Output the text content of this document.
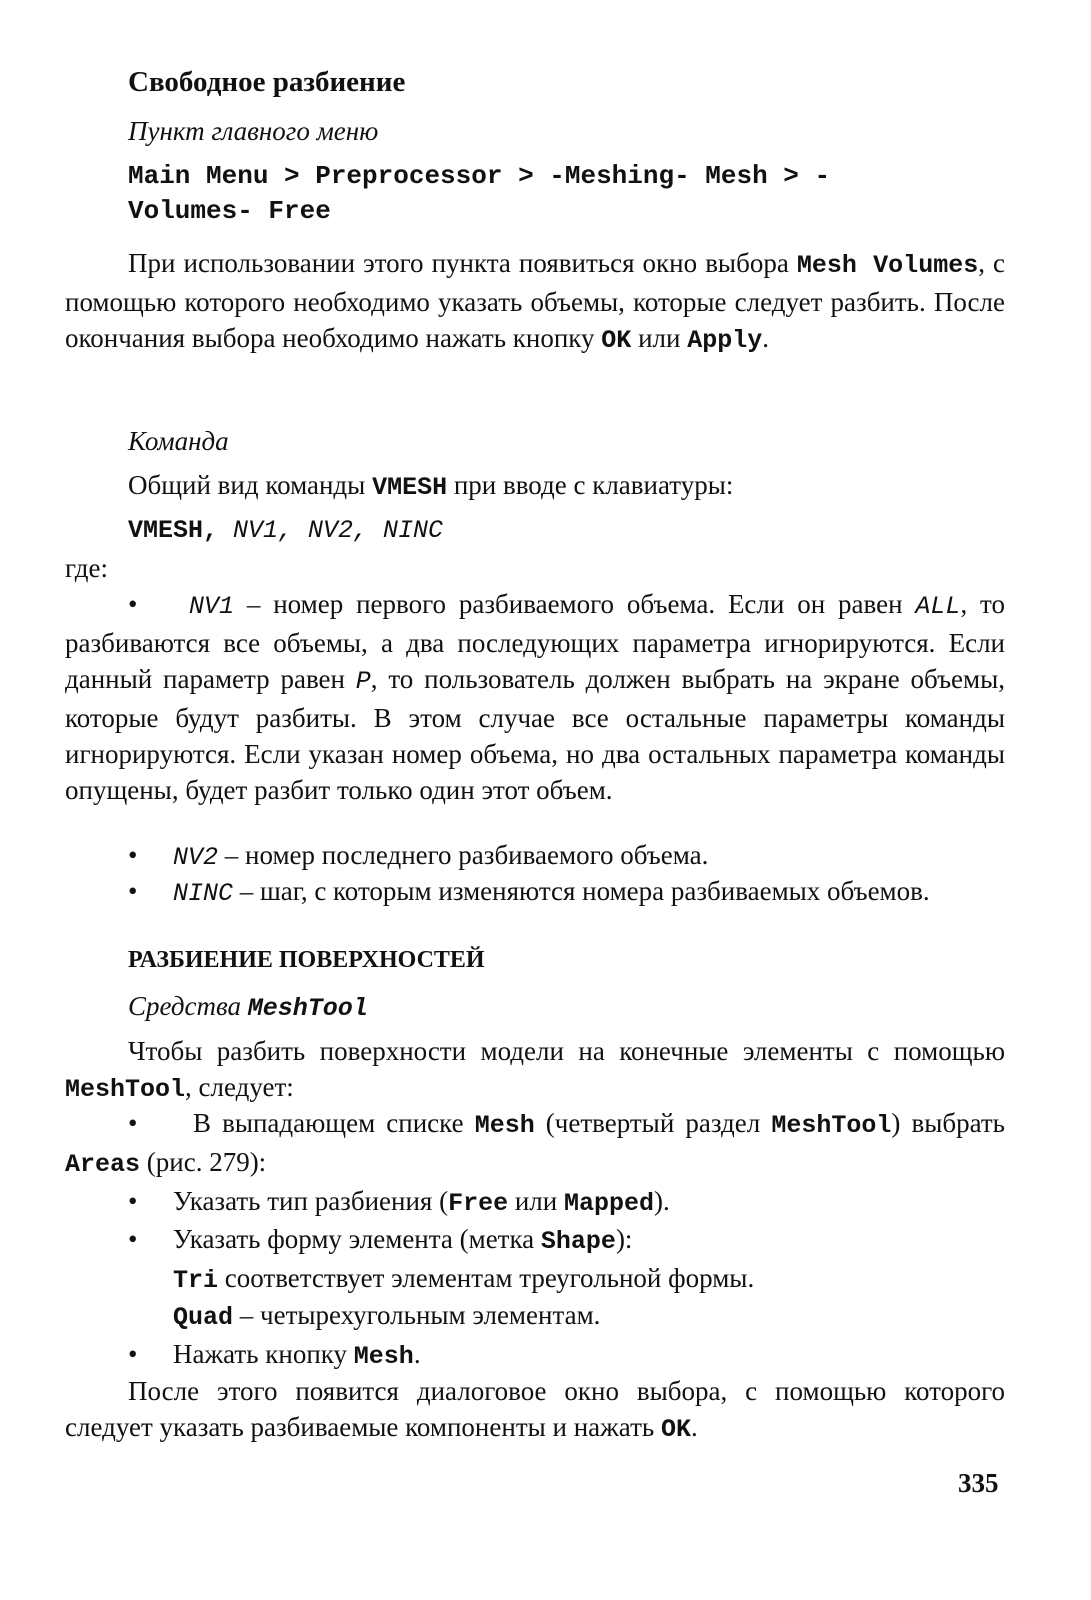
Свободное разбиение
Пункт главного меню
Main Menu > Preprocessor > -Meshing- Mesh > -
Volumes- Free

При использовании этого пункта появиться окно выбора Mesh Volumes, с помощью которого необходимо указать объемы, которые следует разбить. После окончания выбора необходимо нажать кнопку OK или Apply.

Команда
Общий вид команды VMESH при вводе с клавиатуры:
VMESH, NV1, NV2, NINC
где:

• NV1 – номер первого разбиваемого объема. Если он равен ALL, то разбиваются все объемы, а два последующих параметра игнорируются. Если данный параметр равен P, то пользователь должен выбрать на экране объемы, которые будут разбиты. В этом случае все остальные параметры команды игнорируются. Если указан номер объема, но два остальных параметра команды опущены, будет разбит только один этот объем.

•	NV2 – номер последнего разбиваемого объема.
•	NINC – шаг, с которым изменяются номера разбиваемых объемов.
РАЗБИЕНИЕ ПОВЕРХНОСТЕЙ
Средства MeshTool

Чтобы разбить поверхности модели на конечные элементы с помощью MeshTool, следует:

•     В выпадающем списке Mesh (четвертый раздел MeshTool) выбрать Areas (рис. 279):

•	Указать тип разбиения (Free или Mapped).
•	Указать форму элемента (метка Shape):
Tri соответствует элементам треугольной формы.
Quad – четырехугольным элементам.
•	Нажать кнопку Mesh.

После этого появится диалоговое окно выбора, с помощью которого следует указать разбиваемые компоненты и нажать OK.

335
